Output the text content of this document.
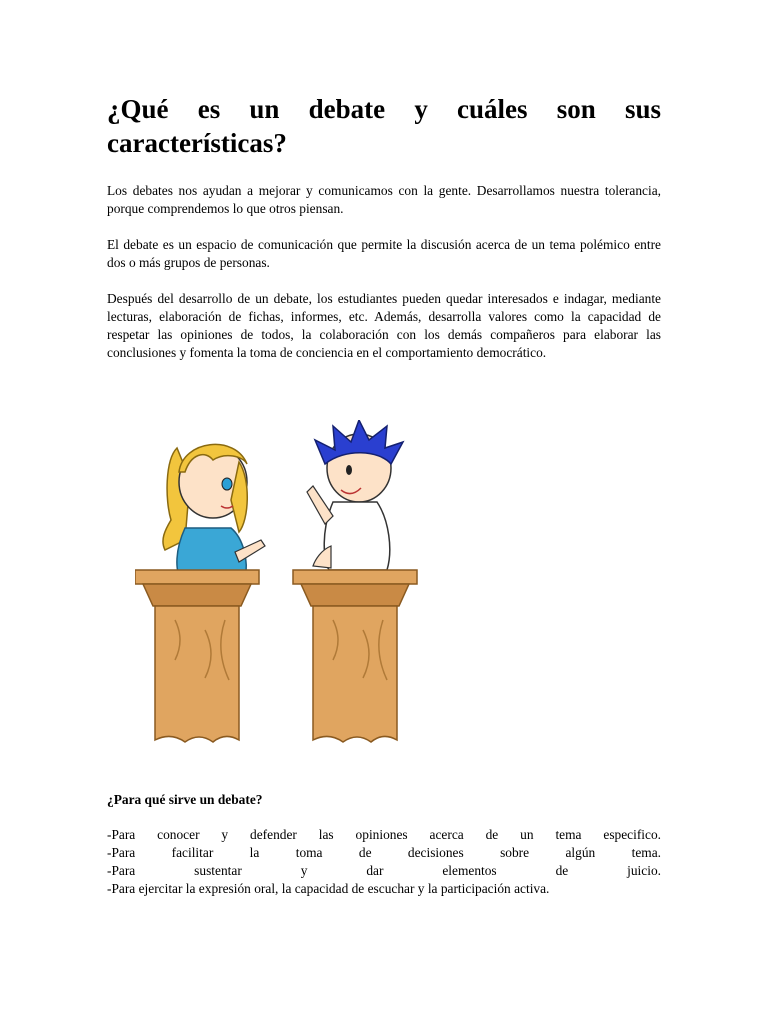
¿Qué es un debate y cuáles son sus características?

Los debates nos ayudan a mejorar y comunicamos con la gente. Desarrollamos nuestra tolerancia, porque comprendemos lo que otros piensan.

El debate es un espacio de comunicación que permite la discusión acerca de un tema polémico entre dos o más grupos de personas.

Después del desarrollo de un debate, los estudiantes pueden quedar interesados e indagar, mediante lecturas, elaboración de fichas, informes, etc. Además, desarrolla valores como la capacidad de respetar las opiniones de todos, la colaboración con los demás compañeros para elaborar las conclusiones y fomenta la toma de conciencia en el comportamiento democrático.

¿Para qué sirve un debate?
-Para conocer y defender las opiniones acerca de un tema especifico.
-Para facilitar la toma de decisiones sobre algún tema.
-Para sustentar y dar elementos de juicio.
-Para ejercitar la expresión oral, la capacidad de escuchar y la participación activa.
